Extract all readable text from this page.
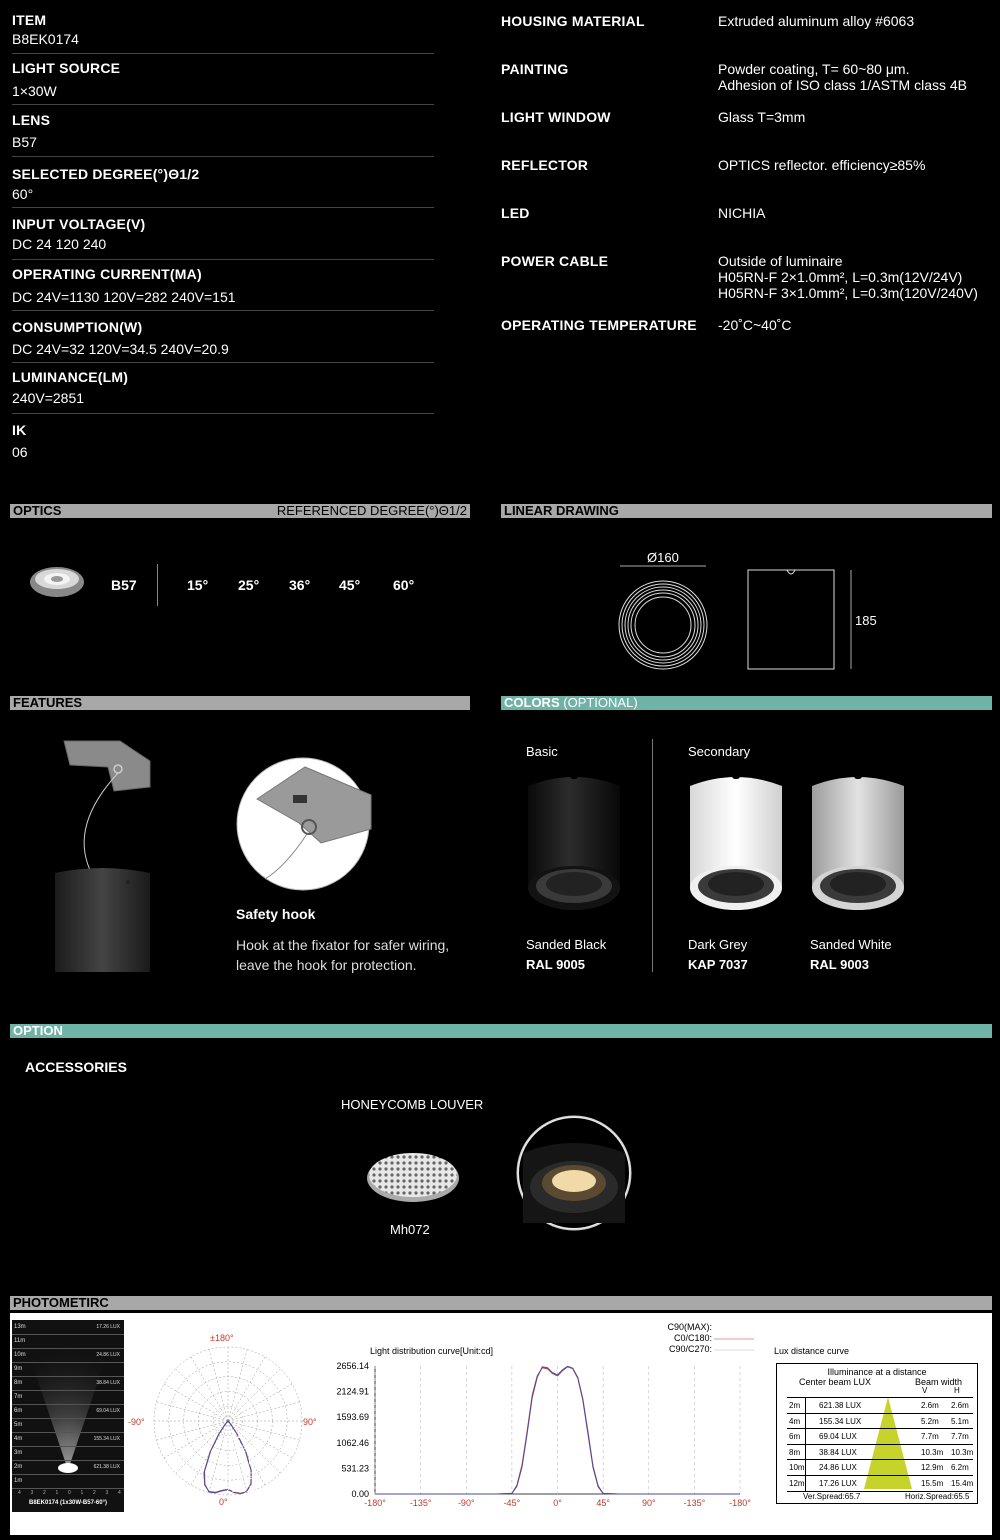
ITEM
B8EK0174
LIGHT SOURCE
1×30W
LENS
B57
SELECTED DEGREE(°)Θ1/2
60°
INPUT VOLTAGE(V)
DC 24 120 240
OPERATING CURRENT(MA)
DC 24V=1130 120V=282 240V=151
CONSUMPTION(W)
DC 24V=32 120V=34.5 240V=20.9
LUMINANCE(LM)
240V=2851
IK
06
HOUSING MATERIAL	Extruded aluminum alloy #6063
PAINTING	Powder coating, T= 60~80 μm.
Adhesion of ISO class 1/ASTM class 4B
LIGHT WINDOW	Glass T=3mm
REFLECTOR	OPTICS reflector. efficiency≥85%
LED	NICHIA
POWER CABLE	Outside of luminaire
H05RN-F 2×1.0mm², L=0.3m(12V/24V)
H05RN-F 3×1.0mm², L=0.3m(120V/240V)
OPERATING TEMPERATURE -20˚C~40˚C
OPTICS	REFERENCED DEGREE(°)Θ1/2
B57	15° 25° 36° 45° 60°
LINEAR DRAWING
Ø160
185
FEATURES
Safety hook
Hook at the fixator for safer wiring,
leave the hook for protection.
COLORS (OPTIONAL)
Basic	Secondary
Sanded Black
RAL 9005
Dark Grey
KAP 7037
Sanded White
RAL 9003
OPTION
ACCESSORIES
HONEYCOMB LOUVER
Mh072
PHOTOMETIRC
13m
11m
10m
9m
8m
7m
6m
5m
4m
3m
2m
1m
17.26 LUX
24.86 LUX
38.84 LUX
69.04 LUX
155.34 LUX
621.38 LUX
4 3 2 1 0 1 2 3 4
B8EK0174 (1x30W-B57-60°)
±180°
-90°	90°
0°
531.23
1062.46
1593.69
2124.91
2656.14
C90(MAX):
C0/C180:
C90/C270:
Light distribution curve[Unit:cd]
2656.14
2124.91
1593.69
1062.46
531.23
0.00
-180°	-135°	-90°	-45°	0°	45°	90°	-135°	-180°
Lux distance curve
Illuminance at a distance
Center beam LUX	Beam width
V	H
2m 621.38 LUX	2.6m 2.6m
4m 155.34 LUX	5.2m 5.1m
6m 69.04 LUX	7.7m 7.7m
8m 38.84 LUX	10.3m 10.3m
10m 24.86 LUX	12.9m 6.2m
12m 17.26 LUX	15.5m 15.4m
Ver.Spread:65.7	Horiz.Spread:65.5
